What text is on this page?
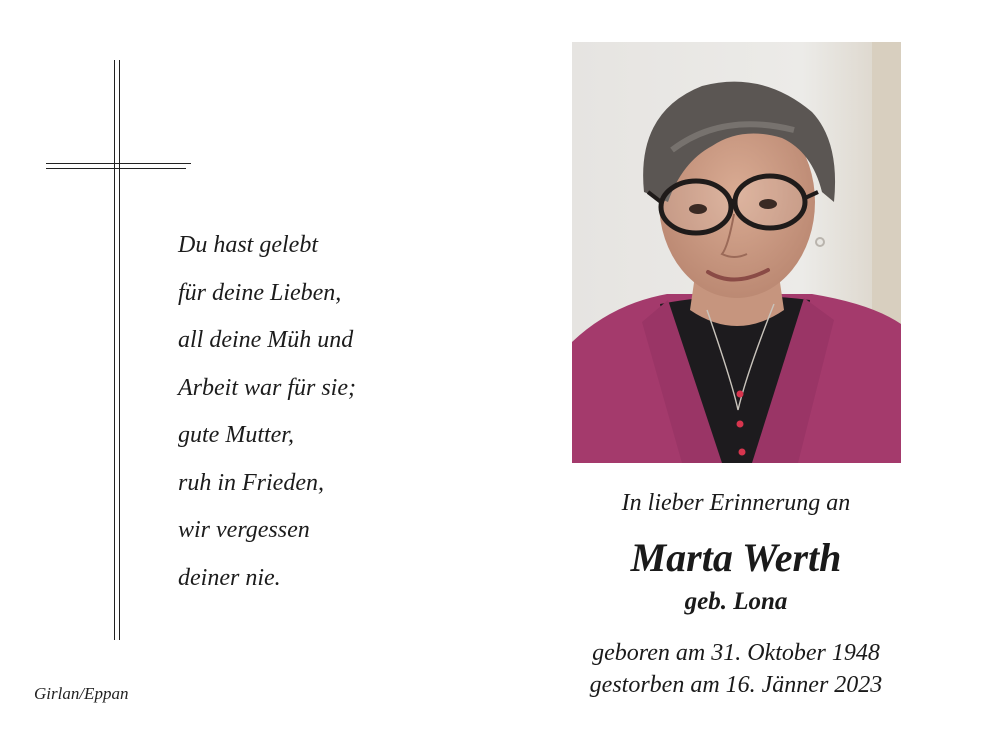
Du hast gelebt
für deine Lieben,
all deine Müh und
Arbeit war für sie;
gute Mutter,
ruh in Frieden,
wir vergessen
deiner nie.
Girlan/Eppan
In lieber Erinnerung an
Marta Werth
geb. Lona
geboren am 31. Oktober 1948
gestorben am 16. Jänner 2023
